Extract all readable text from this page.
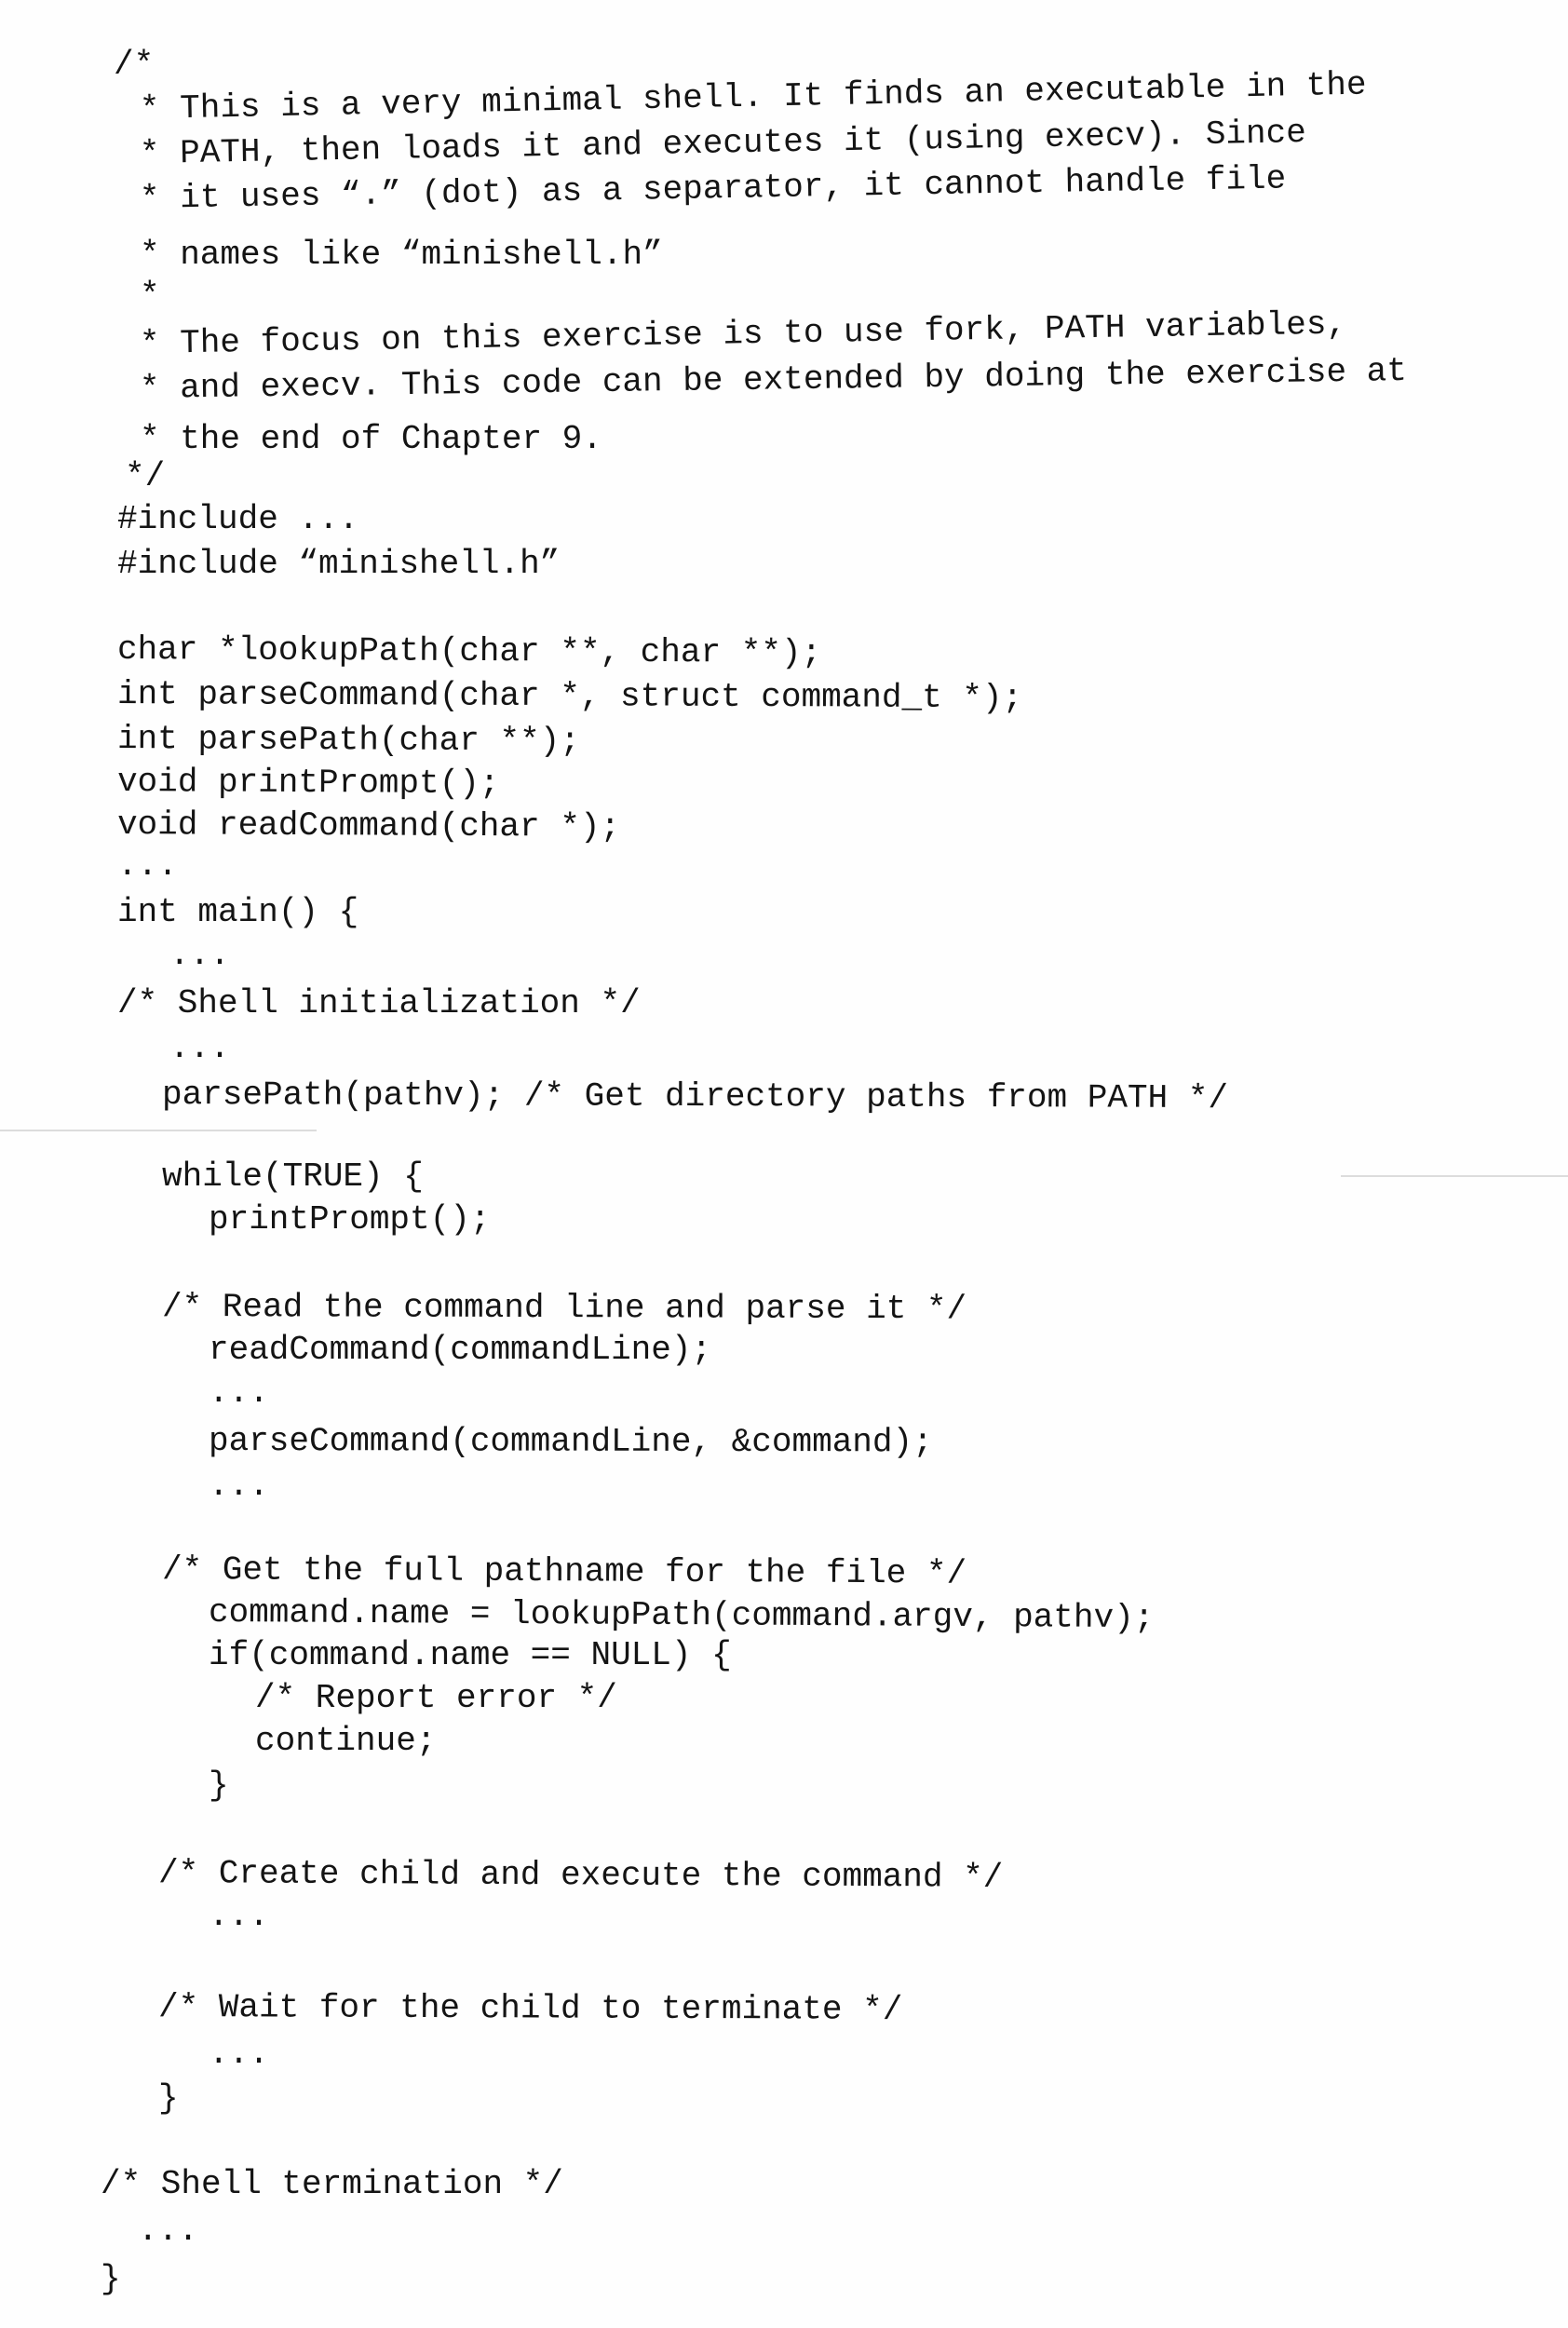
/*
* This is a very minimal shell. It finds an executable in the
* PATH, then loads it and executes it (using execv). Since
* it uses “.” (dot) as a separator, it cannot handle file
* names like “minishell.h”
*
* The focus on this exercise is to use fork, PATH variables,
* and execv. This code can be extended by doing the exercise at
* the end of Chapter 9.
*/
#include ...
#include “minishell.h”
char *lookupPath(char **, char **);
int parseCommand(char *, struct command_t *);
int parsePath(char **);
void printPrompt();
void readCommand(char *);
...
int main() {
...
/* Shell initialization */
...
parsePath(pathv); /* Get directory paths from PATH */
while(TRUE) {
printPrompt();
/* Read the command line and parse it */
readCommand(commandLine);
...
parseCommand(commandLine, &command);
...
/* Get the full pathname for the file */
command.name = lookupPath(command.argv, pathv);
if(command.name == NULL) {
/* Report error */
continue;
}
/* Create child and execute the command */
...
/* Wait for the child to terminate */
...
}
/* Shell termination */
...
}
